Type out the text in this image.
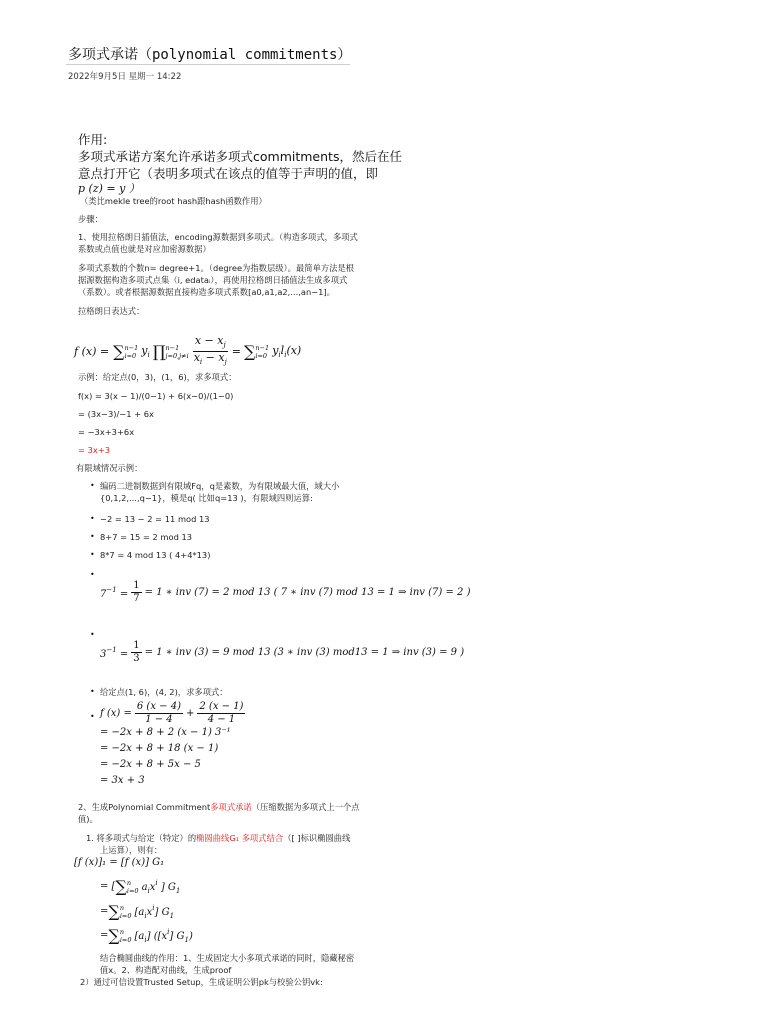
多项式承诺（polynomial commitments）
2022年9月5日 星期一 14:22
作用:
多项式承诺方案允许承诺多项式commitments，然后在任
意点打开它（表明多项式在该点的值等于声明的值，即
p (z) = y ）
（类比mekle tree的root hash跟hash函数作用）
步骤：
1、使用拉格朗日插值法，encoding源数据到多项式。（构造多项式，多项式
系数或点值也就是对应加密源数据）
多项式系数的个数n= degree+1。（degree为指数层级）。最简单方法是根
据源数据构造多项式点集（i, edataᵢ），再使用拉格朗日插值法生成多项式
（系数）。或者根据源数据直接构造多项式系数[a0,a1,a2,...,an−1]。
拉格朗日表达式：
f (x) = ∑ n−1
i=0 $y_i$ ∏ n−1
$j=0,j\ne i \frac{x - x_j}{x_i - x_j}$ = ∑ n−1
i=0 $y_il_i(x)$
示例：给定点(0，3)，(1，6)，求多项式：
f(x) = 3(x − 1)/(0−1) + 6(x−0)/(1−0)
= (3x−3)/−1 + 6x
= −3x+3+6x
= 3x+3
有限域情况示例：
• 编码二进制数据到有限域Fq，q是素数，为有限域最大值，域大小
{0,1,2,...,q−1}，模是q( 比如q=13 )，有限域四则运算:
• −2 = 13 − 2 = 11 mod 13
• 8+7 = 15 = 2 mod 13
• 8*7 = 4 mod 13 ( 4+4*13)
•
$7^{-1} = \frac{1}{7} = 1$ ∗ inv (7) = 2 mod 13 ( 7 ∗ inv (7) mod 13 = 1 ⇒ inv (7) = 2 )
•
$3^{-1} = \frac{1}{3} = 1$ ∗ inv (3) = 9 mod 13 (3 ∗ inv (3) mod13 = 1 ⇒ inv (3) = 9 )
• 给定点(1, 6)，(4, 2)，求多项式：
• f $(x) = \frac{6 (x - 4)}{1 - 4} + \frac{2 (x - 1)}{4 - 1}$
= −2x + 8 + 2 (x − 1) 3⁻¹
= −2x + 8 + 18 (x − 1)
= −2x + 8 + 5x − 5
= 3x + 3
2、生成Polynomial Commitment多项式承诺（压缩数据为多项式上一个点
值)。
1. 将多项式与给定（特定）的椭圆曲线G₁ 多项式结合（[ ]标识椭圆曲线
上运算），则有：
[f (x)]₁ = [f (x)] G₁
= [ ∑ n
i=0 $a_ix^i$ ] $G_1$
= ∑ n
i=0 $[a_ix^i]$ $G_1$
= ∑ n
i=0 $[a_i]$ ($[x^i]$ $G_1$)
结合椭圆曲线的作用：1、生成固定大小多项式承诺的同时，隐藏秘密
值x。2、构造配对曲线，生成proof
2）通过可信设置Trusted Setup，生成证明公钥pk与校验公钥vk:
